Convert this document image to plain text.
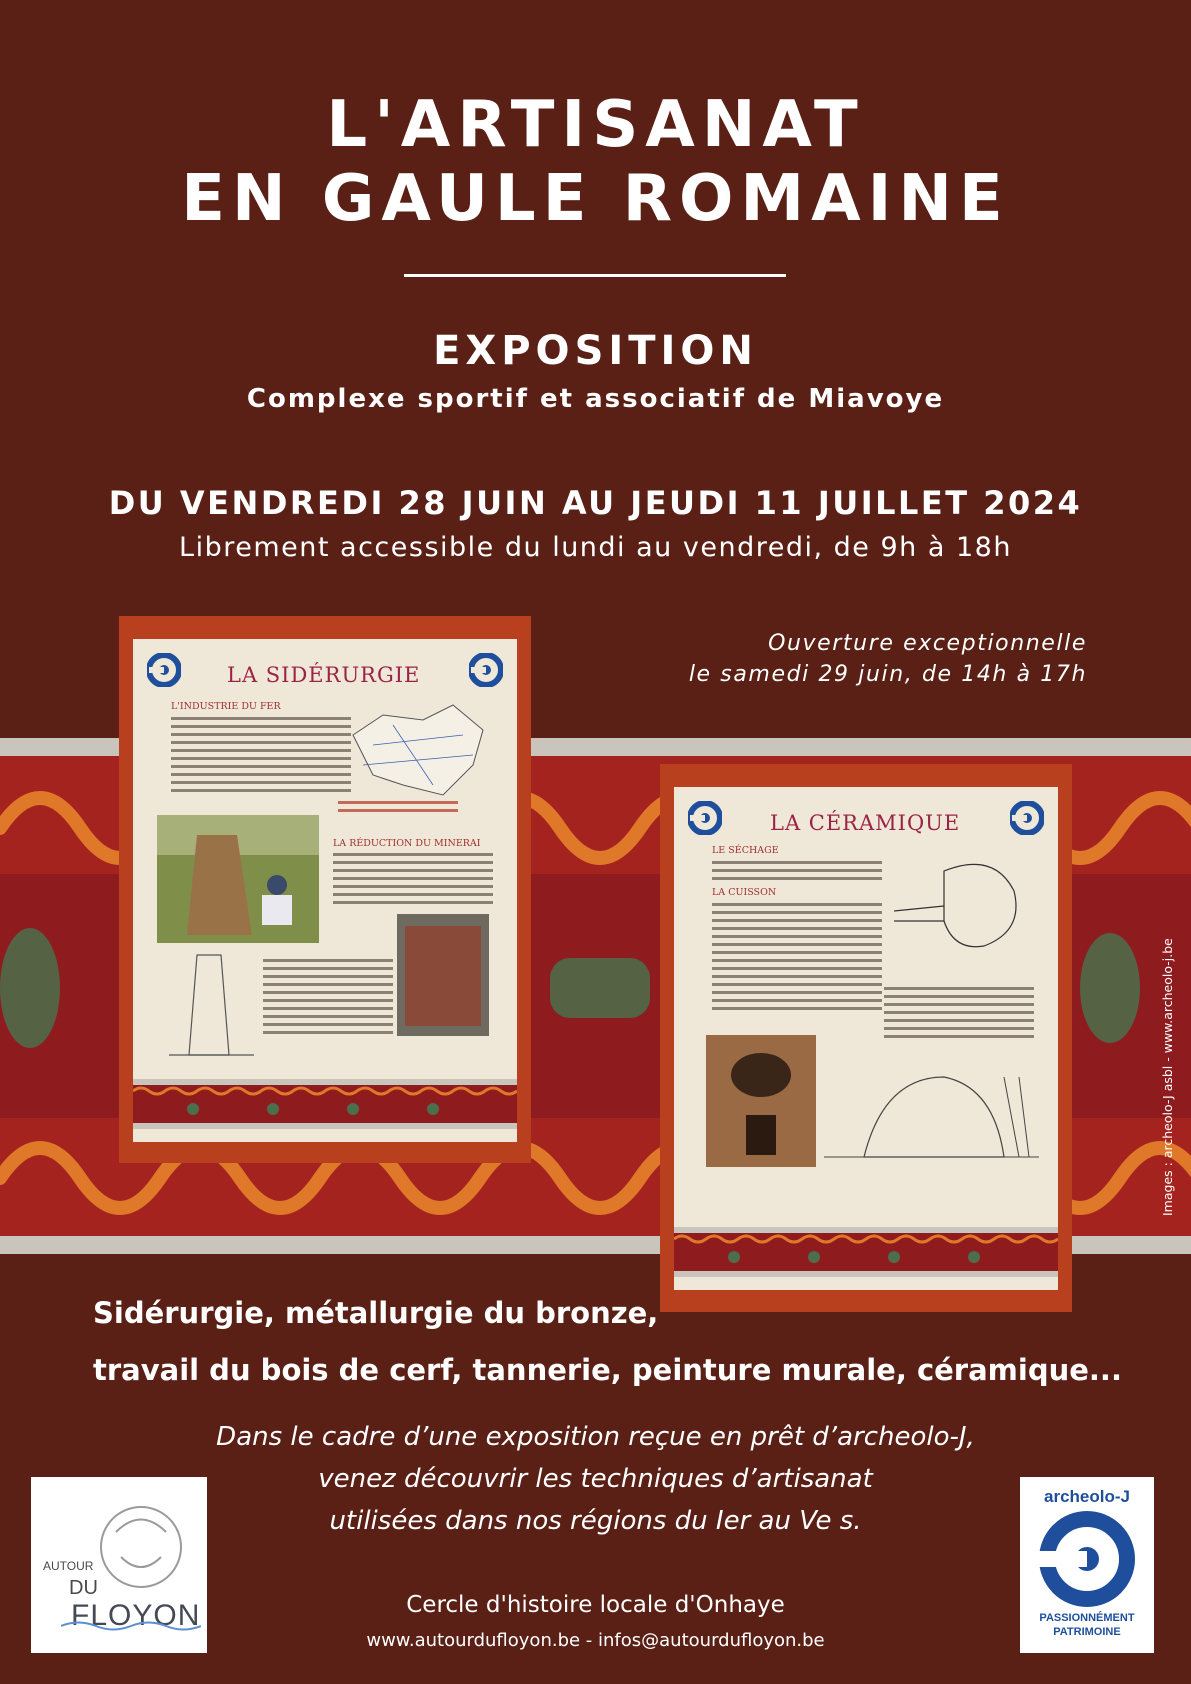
L'ARTISANAT
EN GAULE ROMAINE
EXPOSITION
Complexe sportif et associatif de Miavoye
DU VENDREDI 28 JUIN AU JEUDI 11 JUILLET 2024
Librement accessible du lundi au vendredi, de 9h à 18h
Ouverture exceptionnelle
le samedi 29 juin, de 14h à 17h
LA SIDÉRURGIE
L'INDUSTRIE DU FER
LA RÉDUCTION DU MINERAI
LA CÉRAMIQUE
LE SÉCHAGE
LA CUISSON
Images : archeolo-J asbl - www.archeolo-j.be
Sidérurgie, métallurgie du bronze,
travail du bois de cerf, tannerie, peinture murale, céramique...
Dans le cadre d’une exposition reçue en prêt d’archeolo-J,
venez découvrir les techniques d’artisanat
utilisées dans nos régions du Ier au Ve s.
Cercle d'histoire locale d'Onhaye
www.autourdufloyon.be - infos@autourdufloyon.be
AUTOUR
DU
FLOYON
archeolo-J
PASSIONNÉMENT
PATRIMOINE
